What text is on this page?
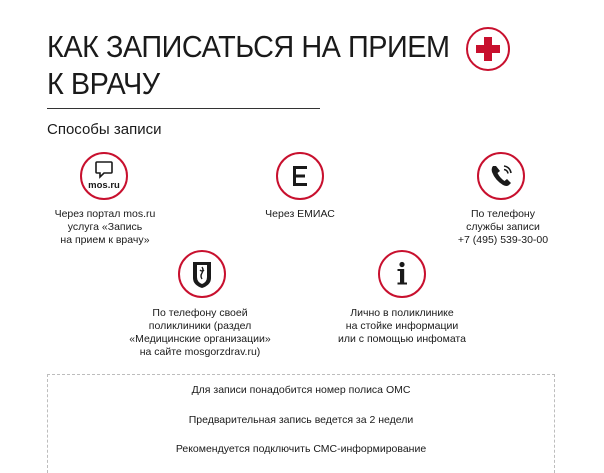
КАК ЗАПИСАТЬСЯ НА ПРИЕМ
К ВРАЧУ
Способы записи
mos.ru
Через портал mos.ru
услуга «Запись
на прием к врачу»
Через ЕМИАС	По телефону
службы записи
+7 (495) 539-30-00
По телефону своей
поликлиники (раздел
«Медицинские организации»
на сайте mosgorzdrav.ru)
Лично в поликлинике
на стойке информации
или с помощью инфомата
Для записи понадобится номер полиса ОМС
Предварительная запись ведется за 2 недели
Рекомендуется подключить СМС-информирование
